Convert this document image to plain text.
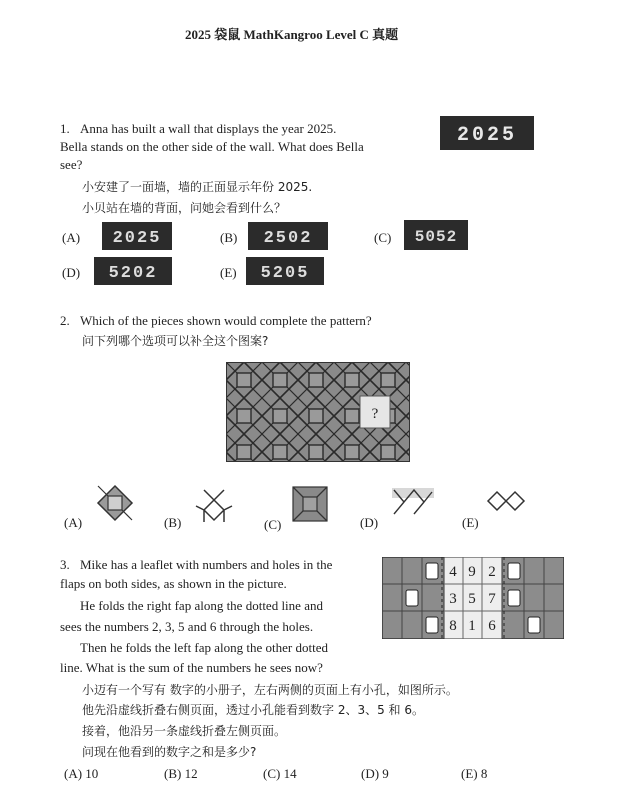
2025 袋鼠 MathKangroo Level C 真题
1. Anna has built a wall that displays the year 2025.
Bella stands on the other side of the wall. What does Bella
see?
小安建了一面墙，墙的正面显示年份 2025.
小贝站在墙的背面，问她会看到什么？
2025
(A) 2025	(B) 2502	(C) 5052
(D) 5202	(E) 5205
2. Which of the pieces shown would complete the pattern?
问下列哪个选项可以补全这个图案?
?
(A)	(B)	(C)	(D)	(E)
3. Mike has a leaflet with numbers and holes in the
flaps on both sides, as shown in the picture.
He folds the right fap along the dotted line and
sees the numbers 2, 3, 5 and 6 through the holes.
Then he folds the left fap along the other dotted
line. What is the sum of the numbers he sees now?
小迈有一个写有 数字的小册子，左右两侧的页面上有小孔，如图所示。
他先沿虚线折叠右侧页面，透过小孔能看到数字 2、3、5 和 6。
接着，他沿另一条虚线折叠左侧页面。
问现在他看到的数字之和是多少?
4 9 2
3 5 7
8 1 6
(A) 10	(B) 12	(C) 14	(D) 9	(E) 8
